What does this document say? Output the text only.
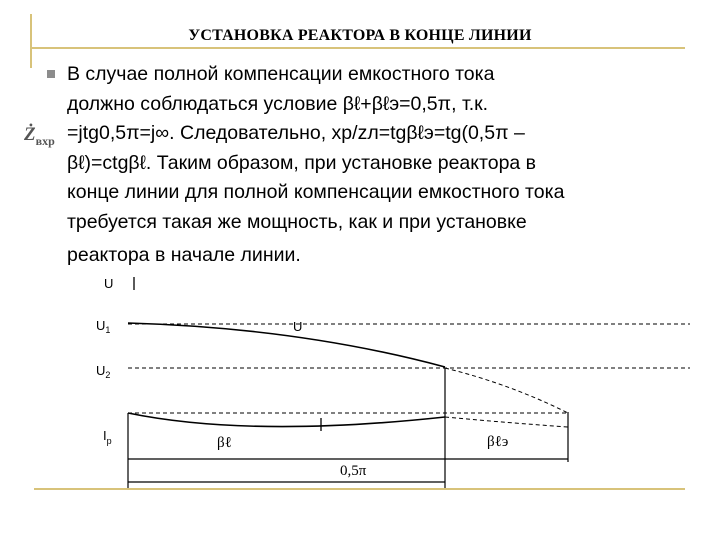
УСТАНОВКА РЕАКТОРА В КОНЦЕ ЛИНИИ
$Ż_{вхр}$
В случае полной компенсации емкостного тока
должно соблюдаться условие βℓ+βℓэ=0,5π, т.к.
=jtg0,5π=j∞. Следовательно, xр/zл=tgβℓэ=tg(0,5π –
βℓ)=ctgβℓ. Таким образом, при установке реактора в
конце линии для полной компенсации емкостного тока
требуется такая же мощность, как и при установке
реактора в начале линии.
U
$U_1$
$U_2$
$I_р$
U
βℓ	βℓэ
0,5π
